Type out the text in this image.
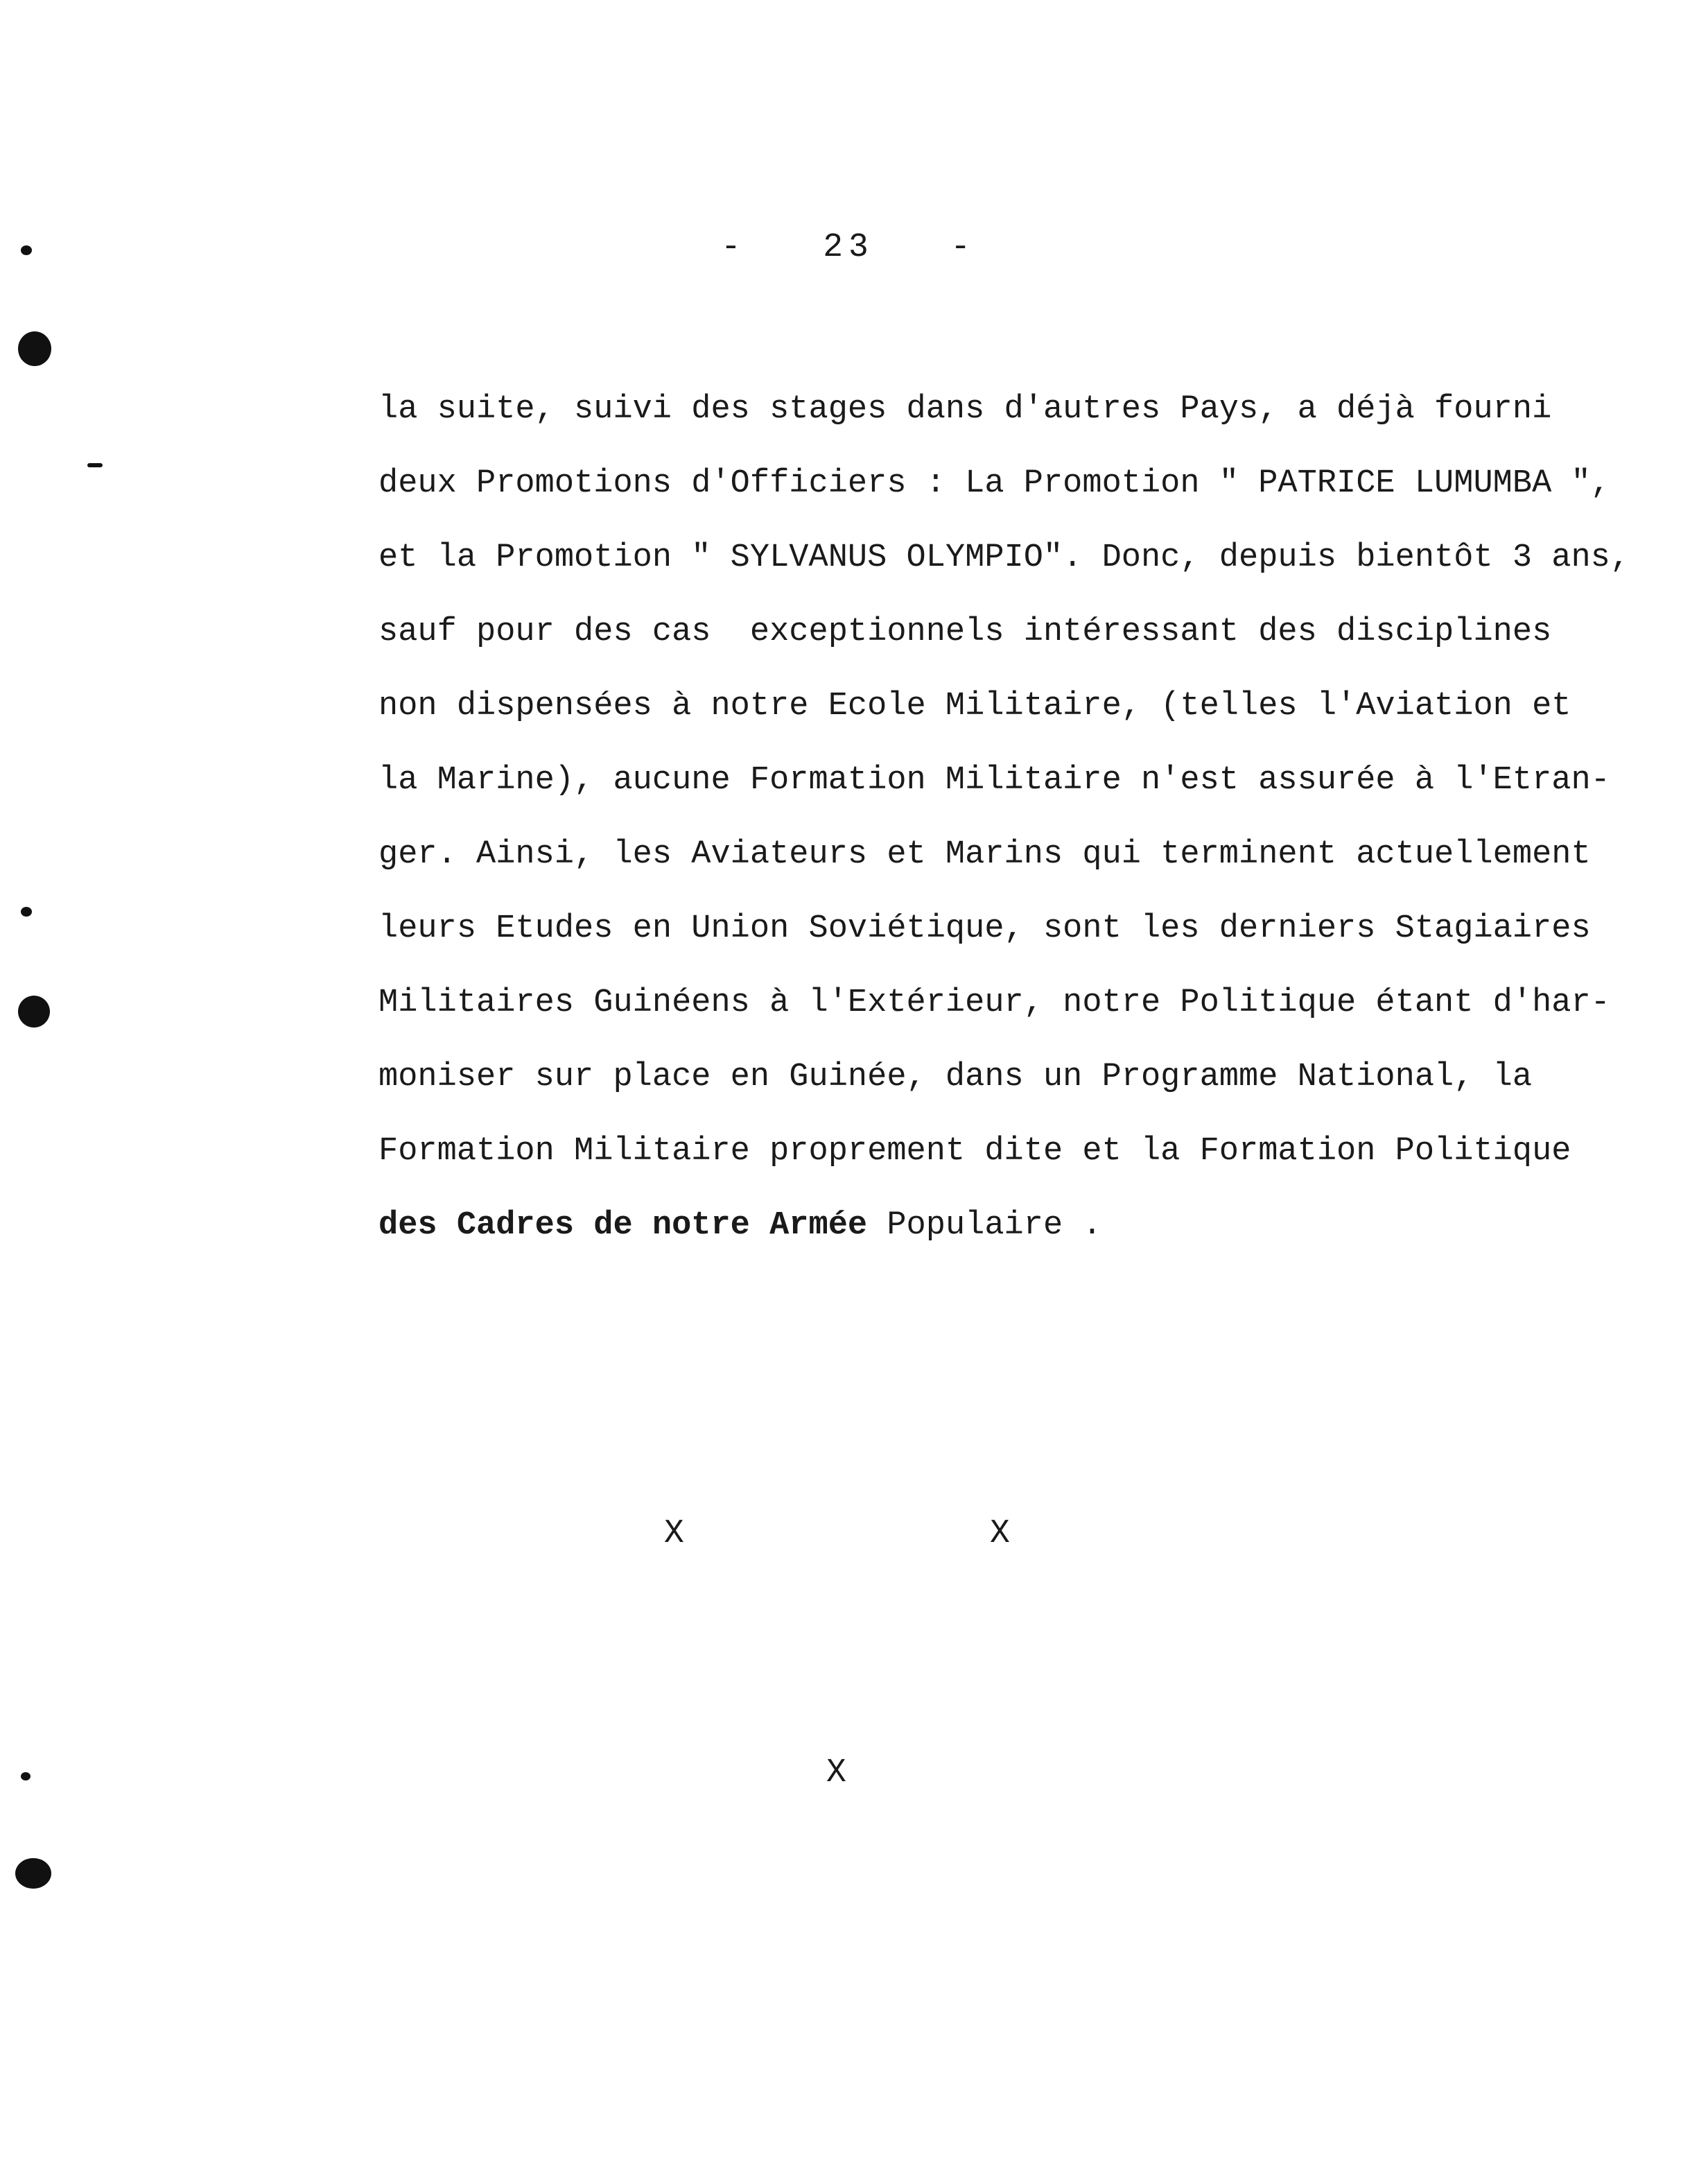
-   23   -
la suite, suivi des stages dans d'autres Pays, a déjà fourni
deux Promotions d'Officiers : La Promotion " PATRICE LUMUMBA ",
et la Promotion " SYLVANUS OLYMPIO". Donc, depuis bientôt 3 ans,
sauf pour des cas  exceptionnels intéressant des disciplines
non dispensées à notre Ecole Militaire, (telles l'Aviation et
la Marine), aucune Formation Militaire n'est assurée à l'Etran-
ger. Ainsi, les Aviateurs et Marins qui terminent actuellement
leurs Etudes en Union Soviétique, sont les derniers Stagiaires
Militaires Guinéens à l'Extérieur, notre Politique étant d'har-
moniser sur place en Guinée, dans un Programme National, la
Formation Militaire proprement dite et la Formation Politique
des Cadres de notre Armée Populaire .
X	X
X
